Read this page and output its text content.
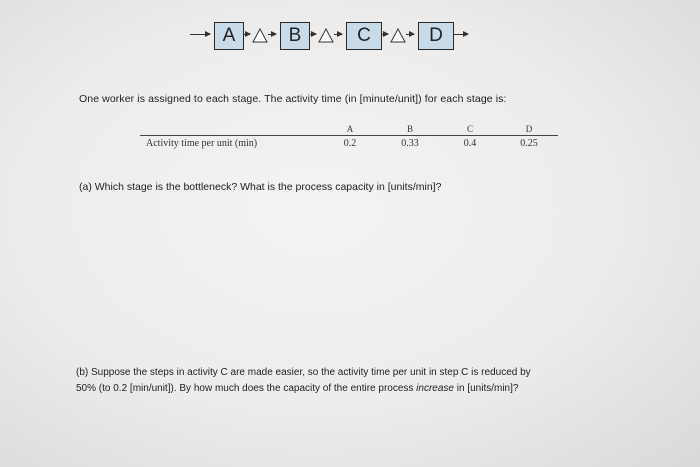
A	B	C	D
One worker is assigned to each stage. The activity time (in [minute/unit]) for each stage is:
	A	B	C	D
Activity time per unit (min)	0.2	0.33	0.4	0.25
(a) Which stage is the bottleneck? What is the process capacity in [units/min]?
(b) Suppose the steps in activity C are made easier, so the activity time per unit in step C is reduced by
50% (to 0.2 [min/unit]). By how much does the capacity of the entire process increase in [units/min]?
